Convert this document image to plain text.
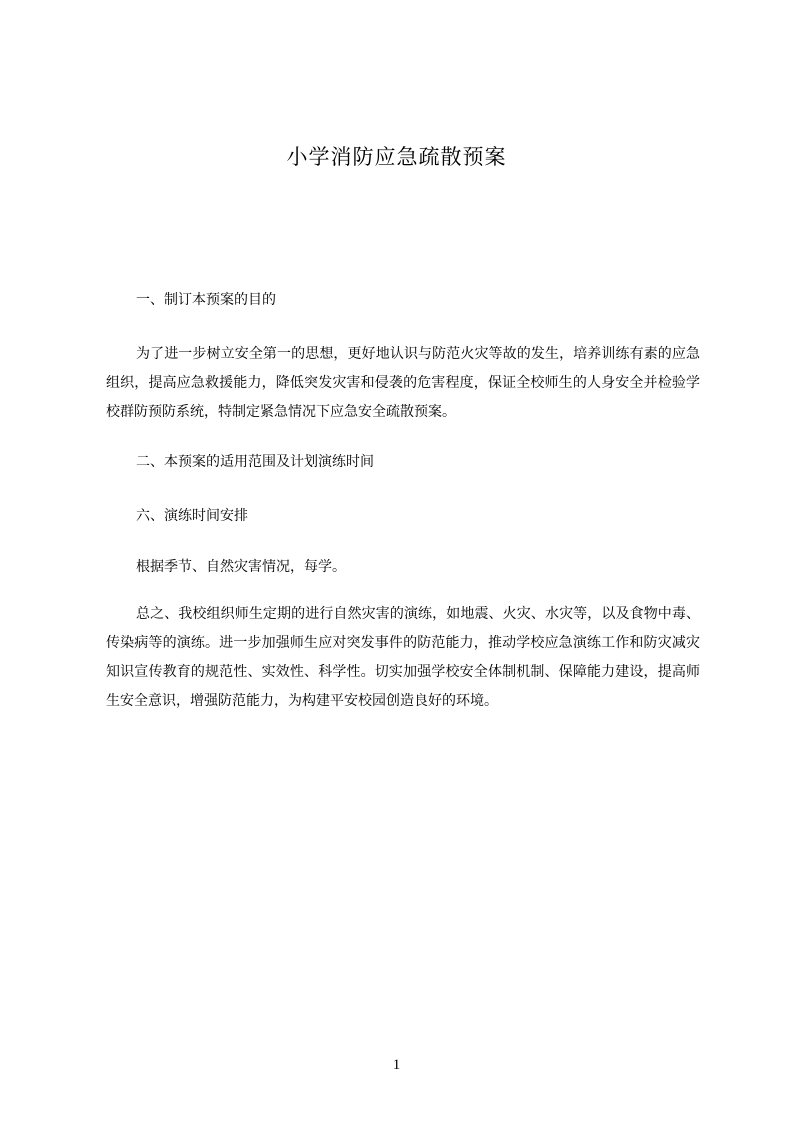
小学消防应急疏散预案
一、制订本预案的目的
为了进一步树立安全第一的思想，更好地认识与防范火灾等故的发生，培养训练有素的应急组织，提高应急救援能力，降低突发灾害和侵袭的危害程度，保证全校师生的人身安全并检验学校群防预防系统，特制定紧急情况下应急安全疏散预案。
二、本预案的适用范围及计划演练时间
六、演练时间安排
根据季节、自然灾害情况，每学。
总之、我校组织师生定期的进行自然灾害的演练，如地震、火灾、水灾等，以及食物中毒、传染病等的演练。进一步加强师生应对突发事件的防范能力，推动学校应急演练工作和防灾减灾知识宣传教育的规范性、实效性、科学性。切实加强学校安全体制机制、保障能力建设，提高师生安全意识，增强防范能力，为构建平安校园创造良好的环境。
1
